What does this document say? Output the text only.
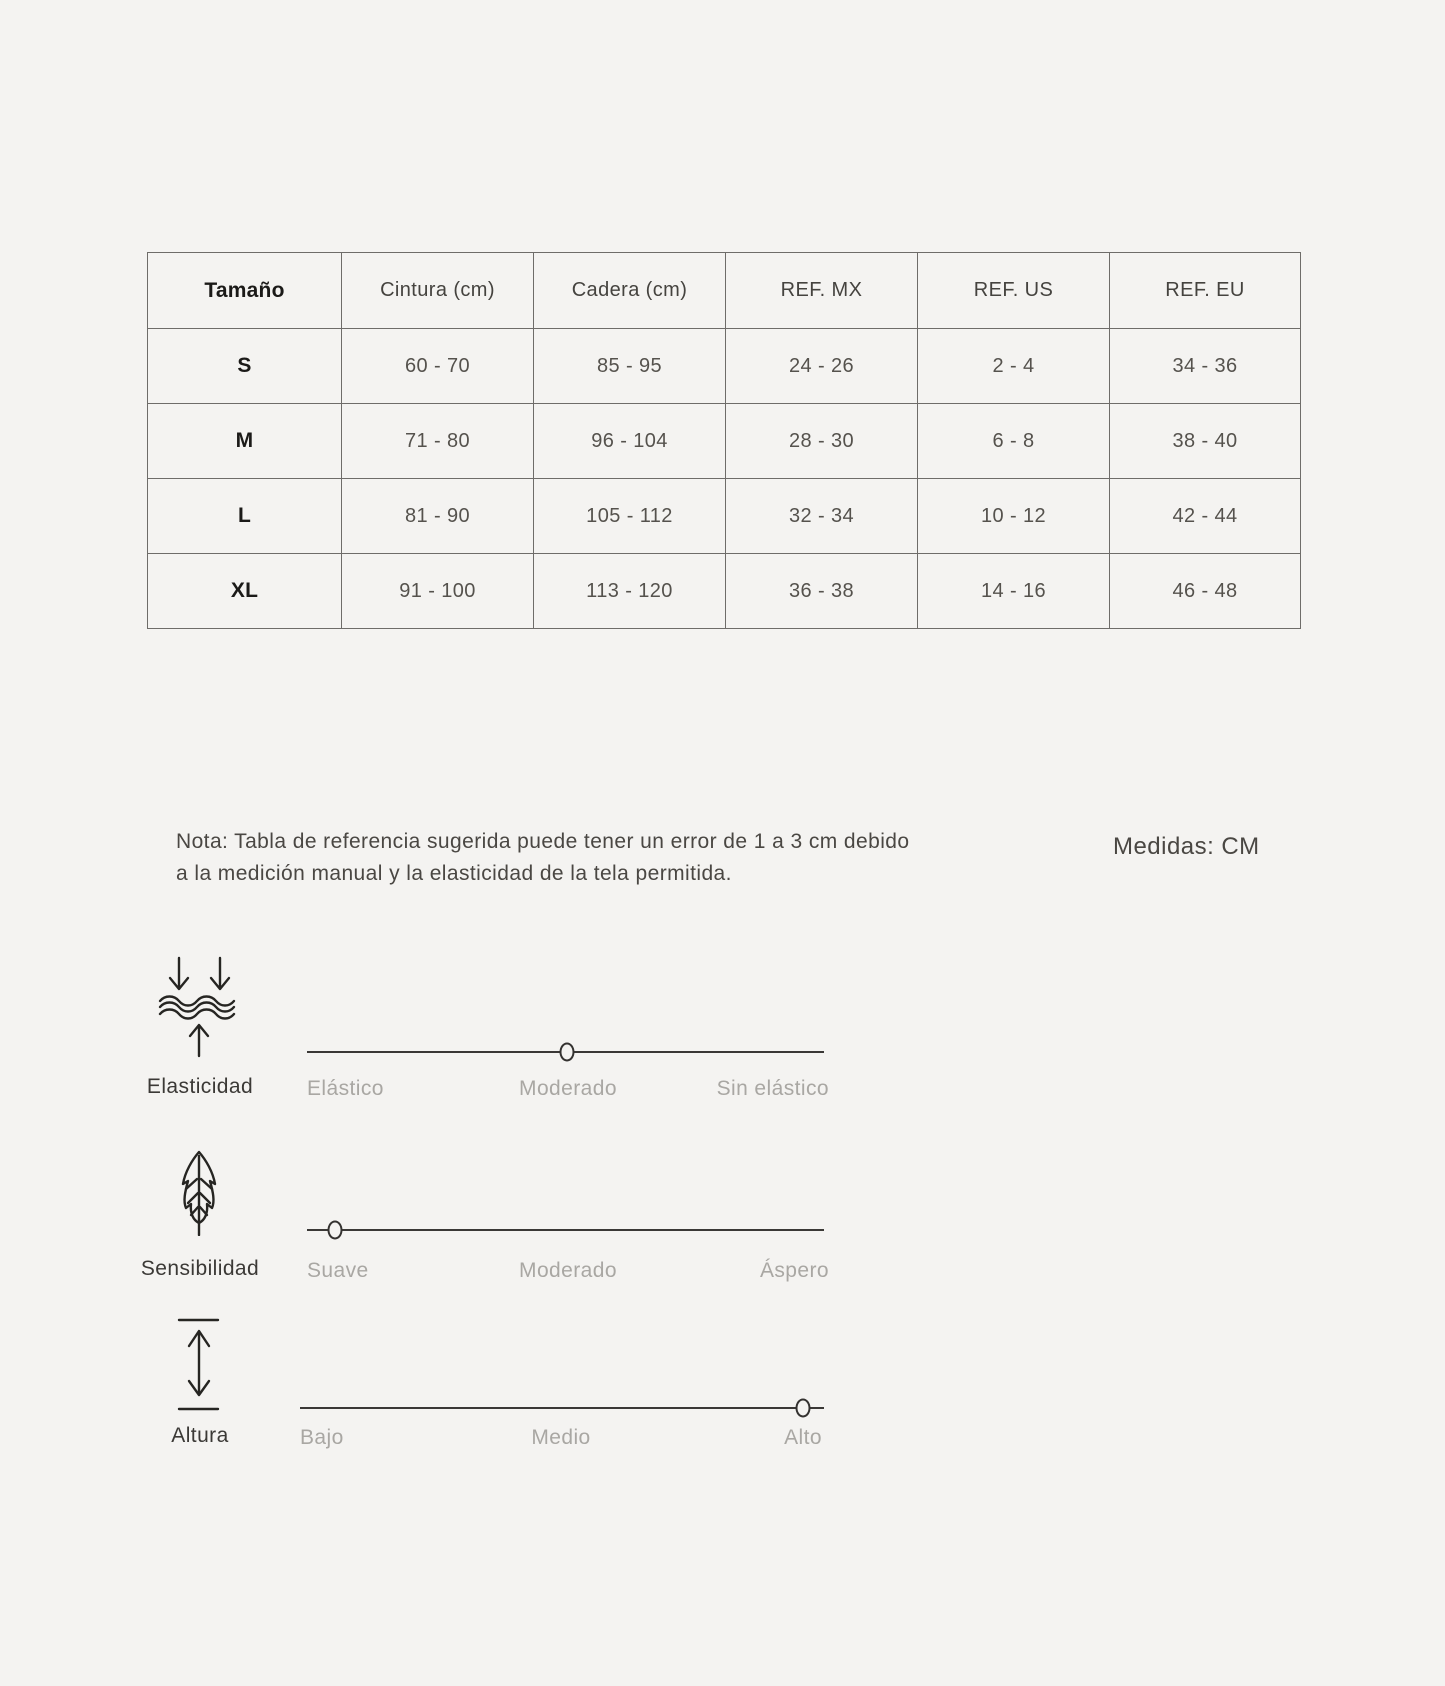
Tamaño	Cintura (cm)	Cadera (cm)	REF. MX	REF. US	REF. EU
S	60 - 70	85 - 95	24 - 26	2 - 4	34 - 36
M	71 - 80	96 - 104	28 - 30	6 - 8	38 - 40
L	81 - 90	105 - 112	32 - 34	10 - 12	42 - 44
XL	91 - 100	113 - 120	36 - 38	14 - 16	46 - 48
Nota: Tabla de referencia sugerida puede tener un error de 1 a 3 cm debido
a la medición manual y la elasticidad de la tela permitida.
Medidas: CM
Elasticidad	Elástico	Moderado	Sin elástico
Sensibilidad	Suave	Moderado	Áspero
Altura	Bajo	Medio	Alto
